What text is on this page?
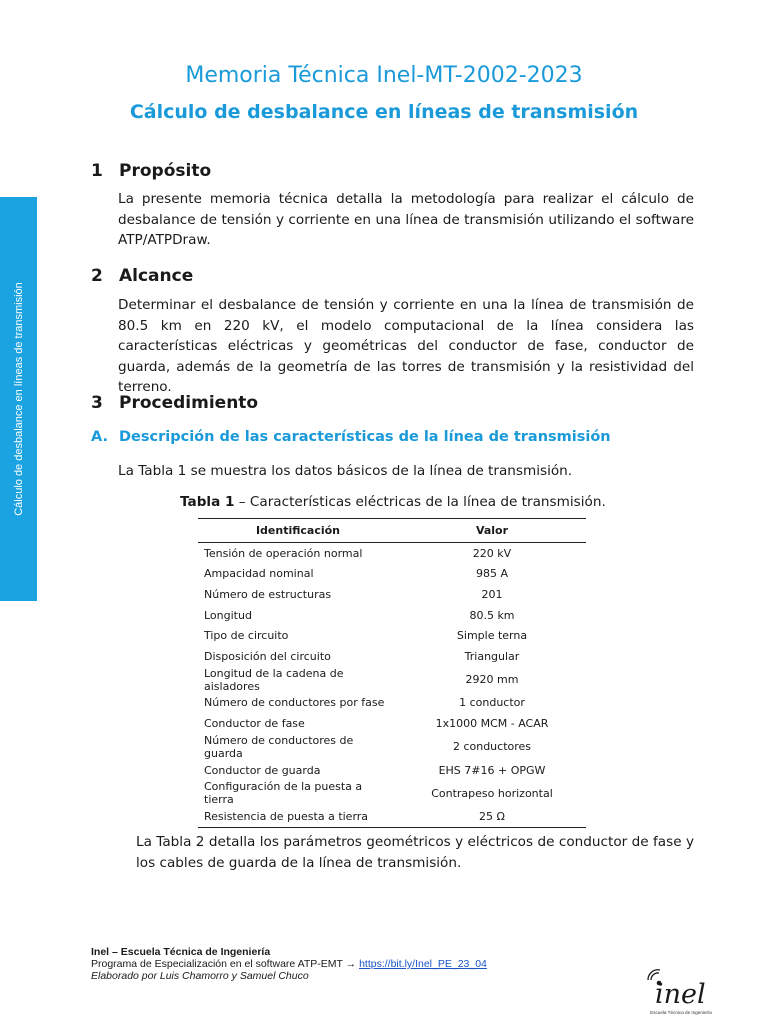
Cálculo de desbalance en líneas de transmisión
Memoria Técnica Inel-MT-2002-2023
Cálculo de desbalance en líneas de transmisión
1 Propósito
La presente memoria técnica detalla la metodología para realizar el cálculo de desbalance de tensión y corriente en una línea de transmisión utilizando el software ATP/ATPDraw.
2 Alcance
Determinar el desbalance de tensión y corriente en una la línea de transmisión de 80.5 km en 220 kV, el modelo computacional de la línea considera las características eléctricas y geométricas del conductor de fase, conductor de guarda, además de la geometría de las torres de transmisión y la resistividad del terreno.
3 Procedimiento
A. Descripción de las características de la línea de transmisión
La Tabla 1 se muestra los datos básicos de la línea de transmisión.
Tabla 1 – Características eléctricas de la línea de transmisión.
Identificación	Valor
Tensión de operación normal	220 kV
Ampacidad nominal	985 A
Número de estructuras	201
Longitud	80.5 km
Tipo de circuito	Simple terna
Disposición del circuito	Triangular
Longitud de la cadena de aisladores	2920 mm
Número de conductores por fase	1 conductor
Conductor de fase	1x1000 MCM - ACAR
Número de conductores de guarda	2 conductores
Conductor de guarda	EHS 7#16 + OPGW
Configuración de la puesta a tierra	Contrapeso horizontal
Resistencia de puesta a tierra	25 Ω
La Tabla 2 detalla los parámetros geométricos y eléctricos de conductor de fase y los cables de guarda de la línea de transmisión.
Inel – Escuela Técnica de Ingeniería
Programa de Especialización en el software ATP-EMT → https://bit.ly/Inel_PE_23_04
Elaborado por Luis Chamorro y Samuel Chuco
inel
Escuela Técnica de Ingeniería
